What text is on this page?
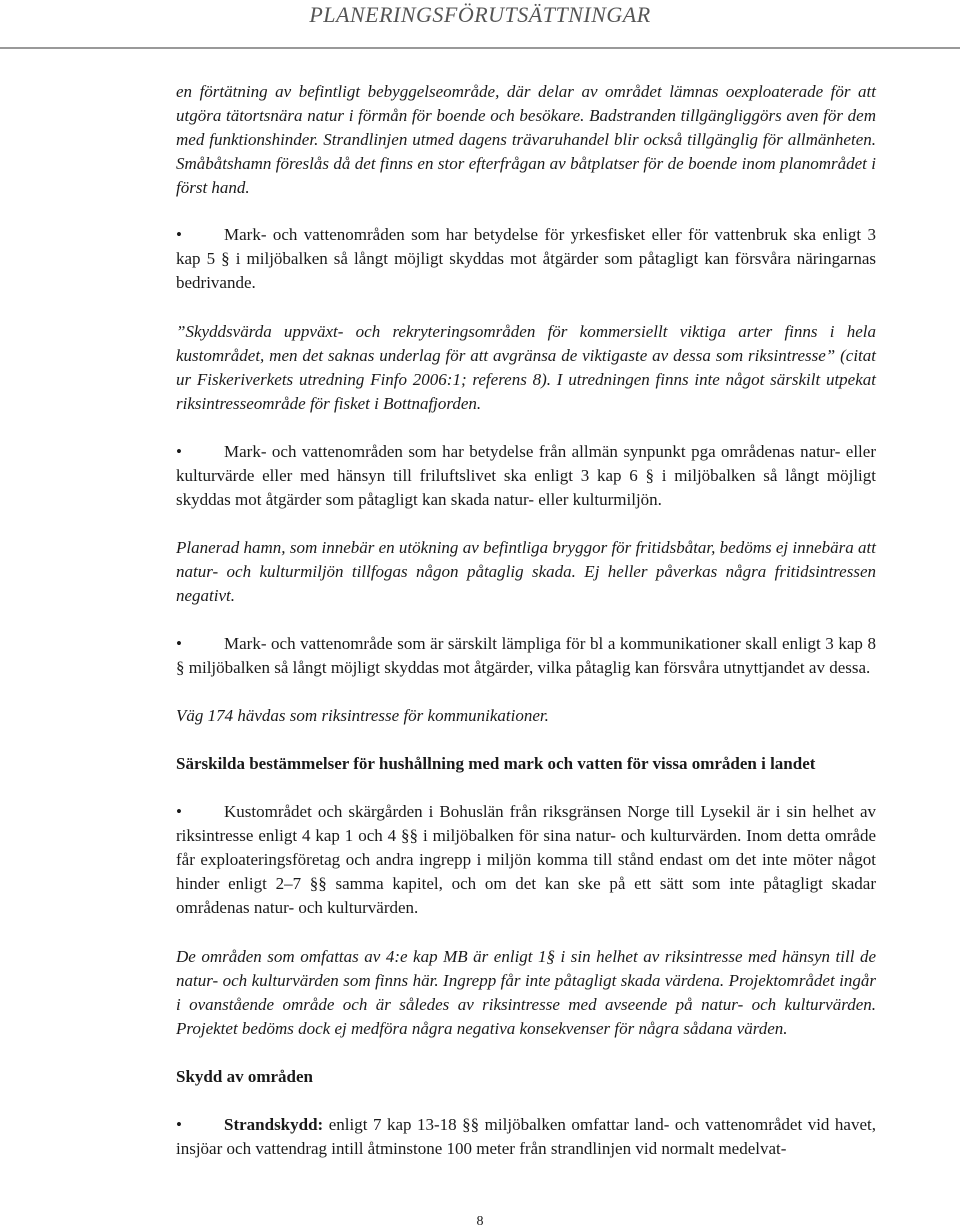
PLANERINGSFÖRUTSÄTTNINGAR

en förtätning av befintligt bebyggelseområde, där delar av området lämnas oexploaterade för att utgöra tätortsnära natur i förmån för boende och besökare. Badstranden tillgängliggörs aven för dem med funktionshinder. Strandlinjen utmed dagens trävaruhandel blir också tillgänglig för allmänheten. Småbåtshamn föreslås då det finns en stor efterfrågan av båtplatser för de boende inom planområdet i först hand.

• Mark- och vattenområden som har betydelse för yrkesfisket eller för vattenbruk ska enligt 3 kap 5 § i miljöbalken så långt möjligt skyddas mot åtgärder som påtagligt kan försvåra näringarnas bedrivande.

”Skyddsvärda uppväxt- och rekryteringsområden för kommersiellt viktiga arter finns i hela kustområdet, men det saknas underlag för att avgränsa de viktigaste av dessa som riksintresse” (citat ur Fiskeriverkets utredning Finfo 2006:1; referens 8). I utredningen finns inte något särskilt utpekat riksintresseområde för fisket i Bottnafjorden.

• Mark- och vattenområden som har betydelse från allmän synpunkt pga områdenas natur- eller kulturvärde eller med hänsyn till friluftslivet ska enligt 3 kap 6 § i miljöbalken så långt möjligt skyddas mot åtgärder som påtagligt kan skada natur- eller kulturmiljön.

Planerad hamn, som innebär en utökning av befintliga bryggor för fritidsbåtar, bedöms ej innebära att natur- och kulturmiljön tillfogas någon påtaglig skada. Ej heller påverkas några fritidsintressen negativt.

• Mark- och vattenområde som är särskilt lämpliga för bl a kommunikationer skall enligt 3 kap 8 § miljöbalken så långt möjligt skyddas mot åtgärder, vilka påtaglig kan försvåra utnyttjandet av dessa.

Väg 174 hävdas som riksintresse för kommunikationer.

Särskilda bestämmelser för hushållning med mark och vatten för vissa områden i landet

• Kustområdet och skärgården i Bohuslän från riksgränsen Norge till Lysekil är i sin helhet av riksintresse enligt 4 kap 1 och 4 §§ i miljöbalken för sina natur- och kulturvärden. Inom detta område får exploateringsföretag och andra ingrepp i miljön komma till stånd endast om det inte möter något hinder enligt 2–7 §§ samma kapitel, och om det kan ske på ett sätt som inte påtagligt skadar områdenas natur- och kulturvärden.

De områden som omfattas av 4:e kap MB är enligt 1§ i sin helhet av riksintresse med hänsyn till de natur- och kulturvärden som finns här. Ingrepp får inte påtagligt skada värdena. Projektområdet ingår i ovanstående område och är således av riksintresse med avseende på natur- och kulturvärden. Projektet bedöms dock ej medföra några negativa konsekvenser för några sådana värden.

Skydd av områden

• Strandskydd: enligt 7 kap 13-18 §§ miljöbalken omfattar land- och vattenområdet vid havet, insjöar och vattendrag intill åtminstone 100 meter från strandlinjen vid normalt medelvat-

8
